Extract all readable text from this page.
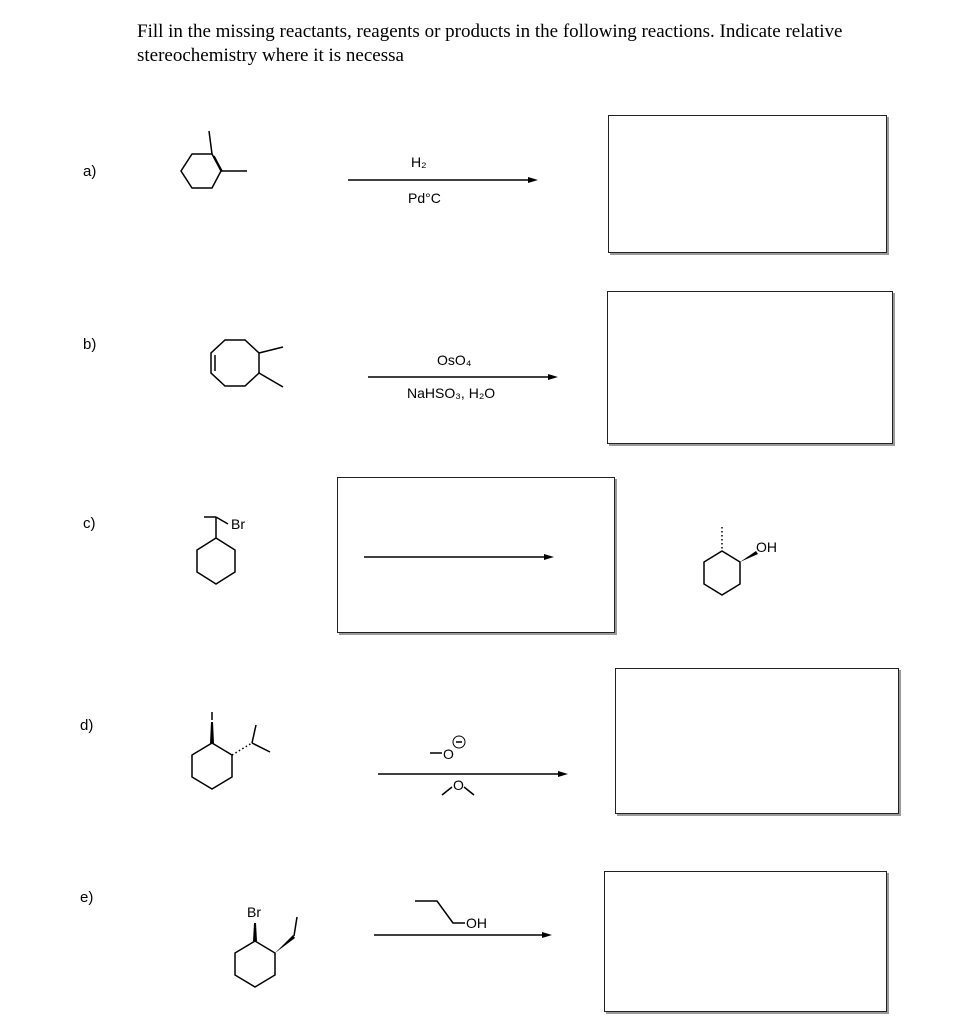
Fill in the missing reactants, reagents or products in the following reactions. Indicate relative stereochemistry where it is necessa
a)
H₂
Pd°C
b)
OsO₄
NaHSO₃, H₂O
c)	Br
OH
d)
O
O
e)
Br
OH
